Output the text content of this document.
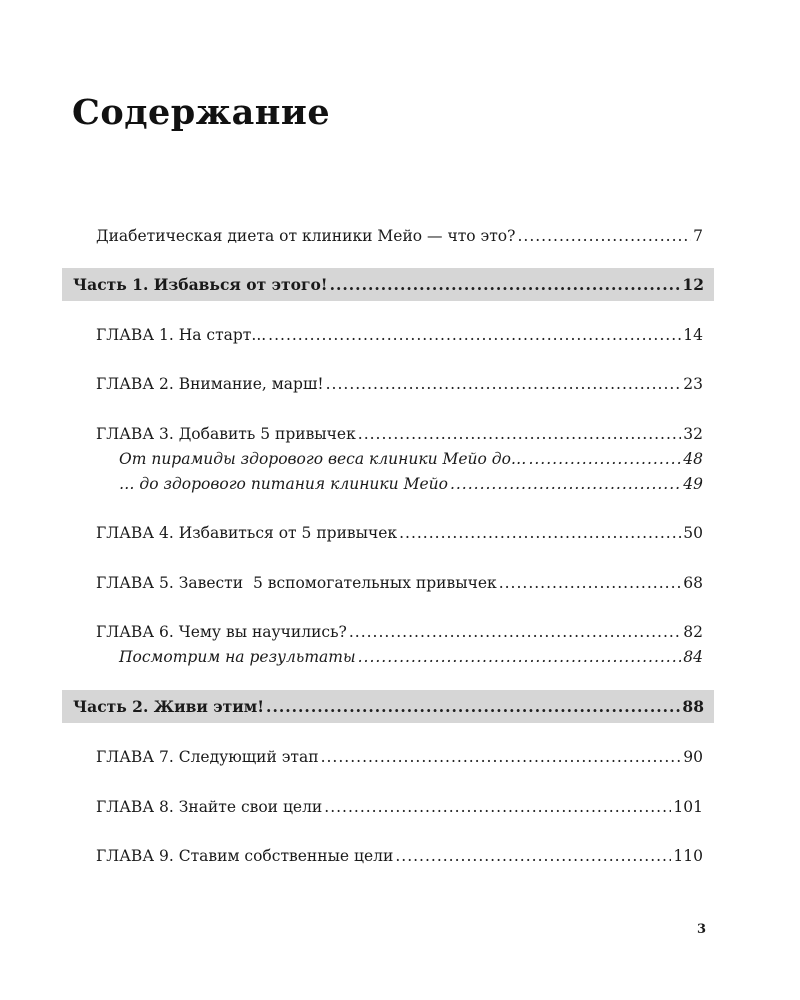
Содержание
Диабетическая диета от клиники Мейо — что это? .....	7
Часть 1. Избавься от этого! .....	12
ГЛАВА 1. На старт... .....	14
ГЛАВА 2. Внимание, марш! .....	23
ГЛАВА 3. Добавить 5 привычек .....	32
От пирамиды здорового веса клиники Мейо до… .....	48
… до здорового питания клиники Мейо .....	49
ГЛАВА 4. Избавиться от 5 привычек .....	50
ГЛАВА 5. Завести  5 вспомогательных привычек .....	68
ГЛАВА 6. Чему вы научились? .....	82
Посмотрим на результаты .....	84
Часть 2. Живи этим! .....	88
ГЛАВА 7. Следующий этап .....	90
ГЛАВА 8. Знайте свои цели .....	101
ГЛАВА 9. Ставим собственные цели .....	110
3
